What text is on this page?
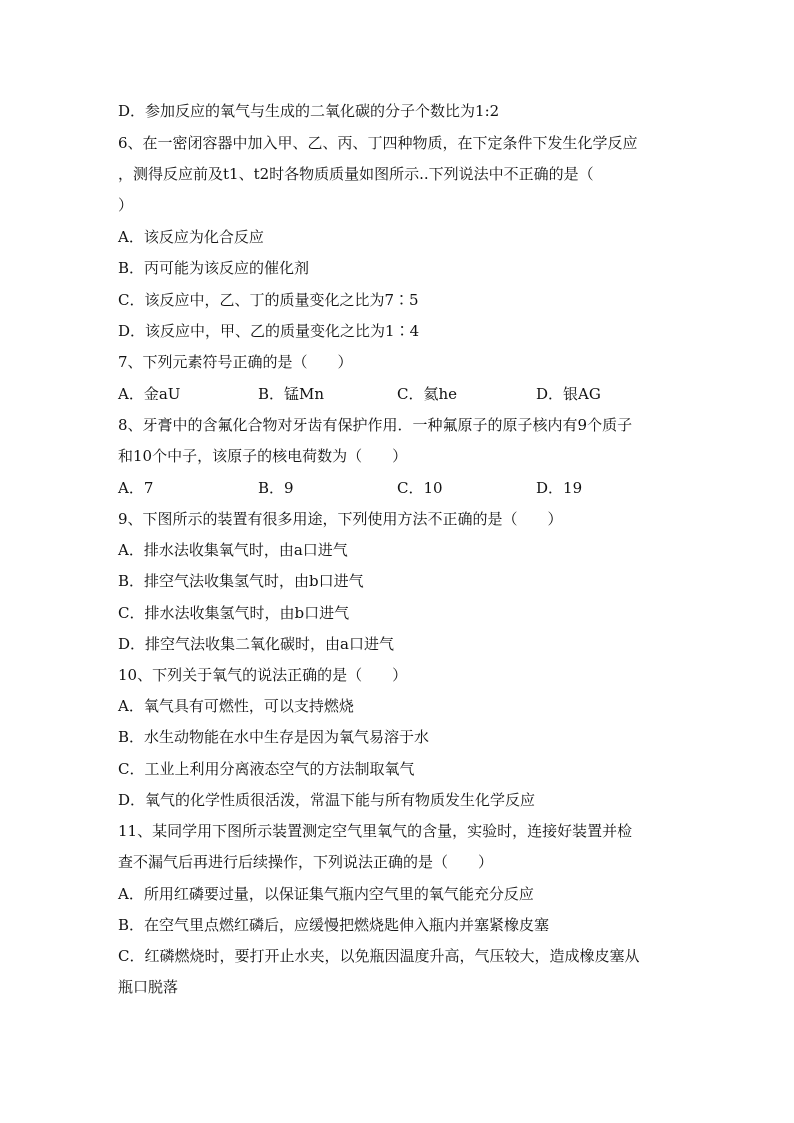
D．参加反应的氧气与生成的二氧化碳的分子个数比为1:2
6、在一密闭容器中加入甲、乙、丙、丁四种物质，在下定条件下发生化学反应
，测得反应前及t1、t2时各物质质量如图所示..下列说法中不正确的是（
）
A．该反应为化合反应
B．丙可能为该反应的催化剂
C．该反应中，乙、丁的质量变化之比为7∶5
D．该反应中，甲、乙的质量变化之比为1∶4
7、下列元素符号正确的是（　　）
A．金aU	B．锰Mn	C．氦he	D．银AG
8、牙膏中的含氟化合物对牙齿有保护作用．一种氟原子的原子核内有9个质子
和10个中子，该原子的核电荷数为（　　）
A．7	B．9	C．10	D．19
9、下图所示的装置有很多用途，下列使用方法不正确的是（　　）
A．排水法收集氧气时，由a口进气
B．排空气法收集氢气时，由b口进气
C．排水法收集氢气时，由b口进气
D．排空气法收集二氧化碳时，由a口进气
10、下列关于氧气的说法正确的是（　　）
A．氧气具有可燃性，可以支持燃烧
B．水生动物能在水中生存是因为氧气易溶于水
C．工业上利用分离液态空气的方法制取氧气
D．氧气的化学性质很活泼，常温下能与所有物质发生化学反应
11、某同学用下图所示装置测定空气里氧气的含量，实验时，连接好装置并检
查不漏气后再进行后续操作，下列说法正确的是（　　）
A．所用红磷要过量，以保证集气瓶内空气里的氧气能充分反应
B．在空气里点燃红磷后，应缓慢把燃烧匙伸入瓶内并塞紧橡皮塞
C．红磷燃烧时，要打开止水夹，以免瓶因温度升高，气压较大，造成橡皮塞从
瓶口脱落
